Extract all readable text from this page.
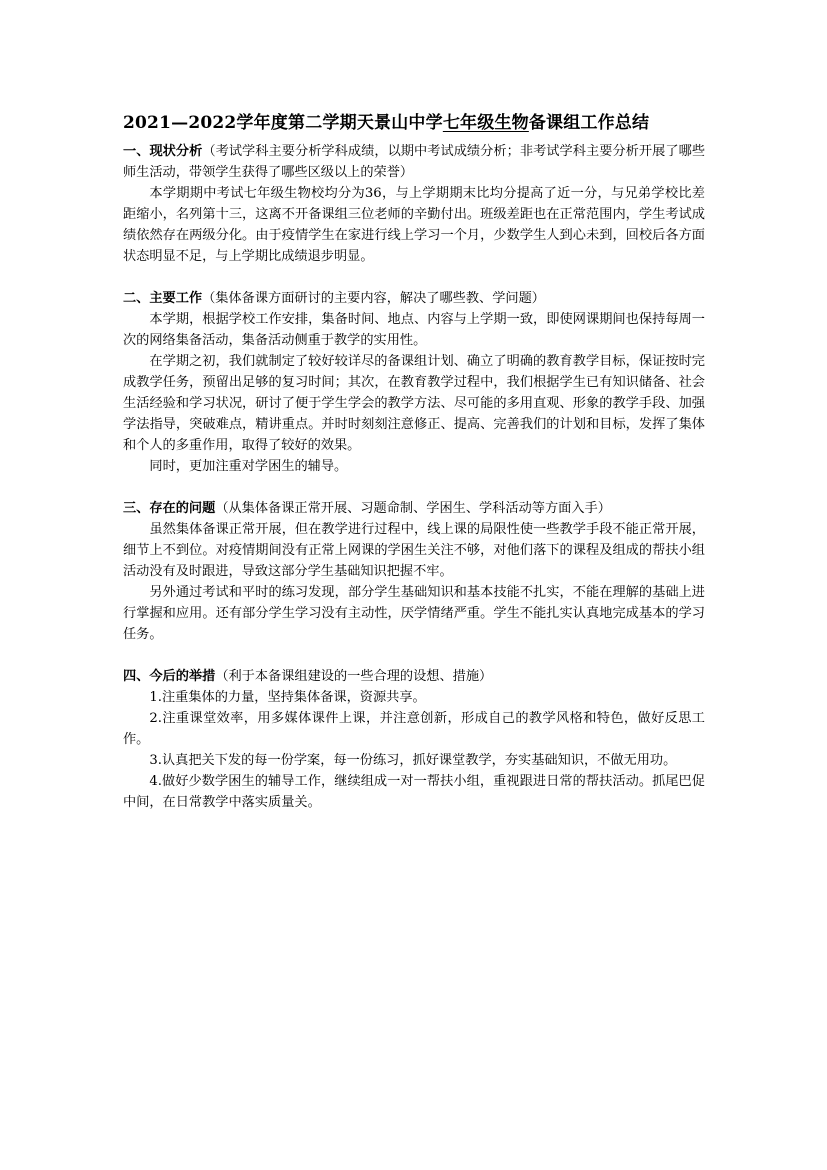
2021—2022学年度第二学期天景山中学七年级生物备课组工作总结

一、现状分析（考试学科主要分析学科成绩，以期中考试成绩分析；非考试学科主要分析开展了哪些师生活动，带领学生获得了哪些区级以上的荣誉）

本学期期中考试七年级生物校均分为36，与上学期期末比均分提高了近一分，与兄弟学校比差距缩小，名列第十三，这离不开备课组三位老师的辛勤付出。班级差距也在正常范围内，学生考试成绩依然存在两级分化。由于疫情学生在家进行线上学习一个月，少数学生人到心未到，回校后各方面状态明显不足，与上学期比成绩退步明显。

二、主要工作（集体备课方面研讨的主要内容，解决了哪些教、学问题）

本学期，根据学校工作安排，集备时间、地点、内容与上学期一致，即使网课期间也保持每周一次的网络集备活动，集备活动侧重于教学的实用性。

在学期之初，我们就制定了较好较详尽的备课组计划、确立了明确的教育教学目标，保证按时完成教学任务，预留出足够的复习时间；其次，在教育教学过程中，我们根据学生已有知识储备、社会生活经验和学习状况，研讨了便于学生学会的教学方法、尽可能的多用直观、形象的教学手段、加强学法指导，突破难点，精讲重点。并时时刻刻注意修正、提高、完善我们的计划和目标，发挥了集体和个人的多重作用，取得了较好的效果。

同时，更加注重对学困生的辅导。

三、存在的问题（从集体备课正常开展、习题命制、学困生、学科活动等方面入手）

虽然集体备课正常开展，但在教学进行过程中，线上课的局限性使一些教学手段不能正常开展，细节上不到位。对疫情期间没有正常上网课的学困生关注不够，对他们落下的课程及组成的帮扶小组活动没有及时跟进，导致这部分学生基础知识把握不牢。

另外通过考试和平时的练习发现，部分学生基础知识和基本技能不扎实，不能在理解的基础上进行掌握和应用。还有部分学生学习没有主动性，厌学情绪严重。学生不能扎实认真地完成基本的学习任务。

四、今后的举措（利于本备课组建设的一些合理的设想、措施）

1.注重集体的力量，坚持集体备课，资源共享。

2.注重课堂效率，用多媒体课件上课，并注意创新，形成自己的教学风格和特色，做好反思工作。

3.认真把关下发的每一份学案，每一份练习，抓好课堂教学，夯实基础知识，不做无用功。

4.做好少数学困生的辅导工作，继续组成一对一帮扶小组，重视跟进日常的帮扶活动。抓尾巴促中间，在日常教学中落实质量关。
